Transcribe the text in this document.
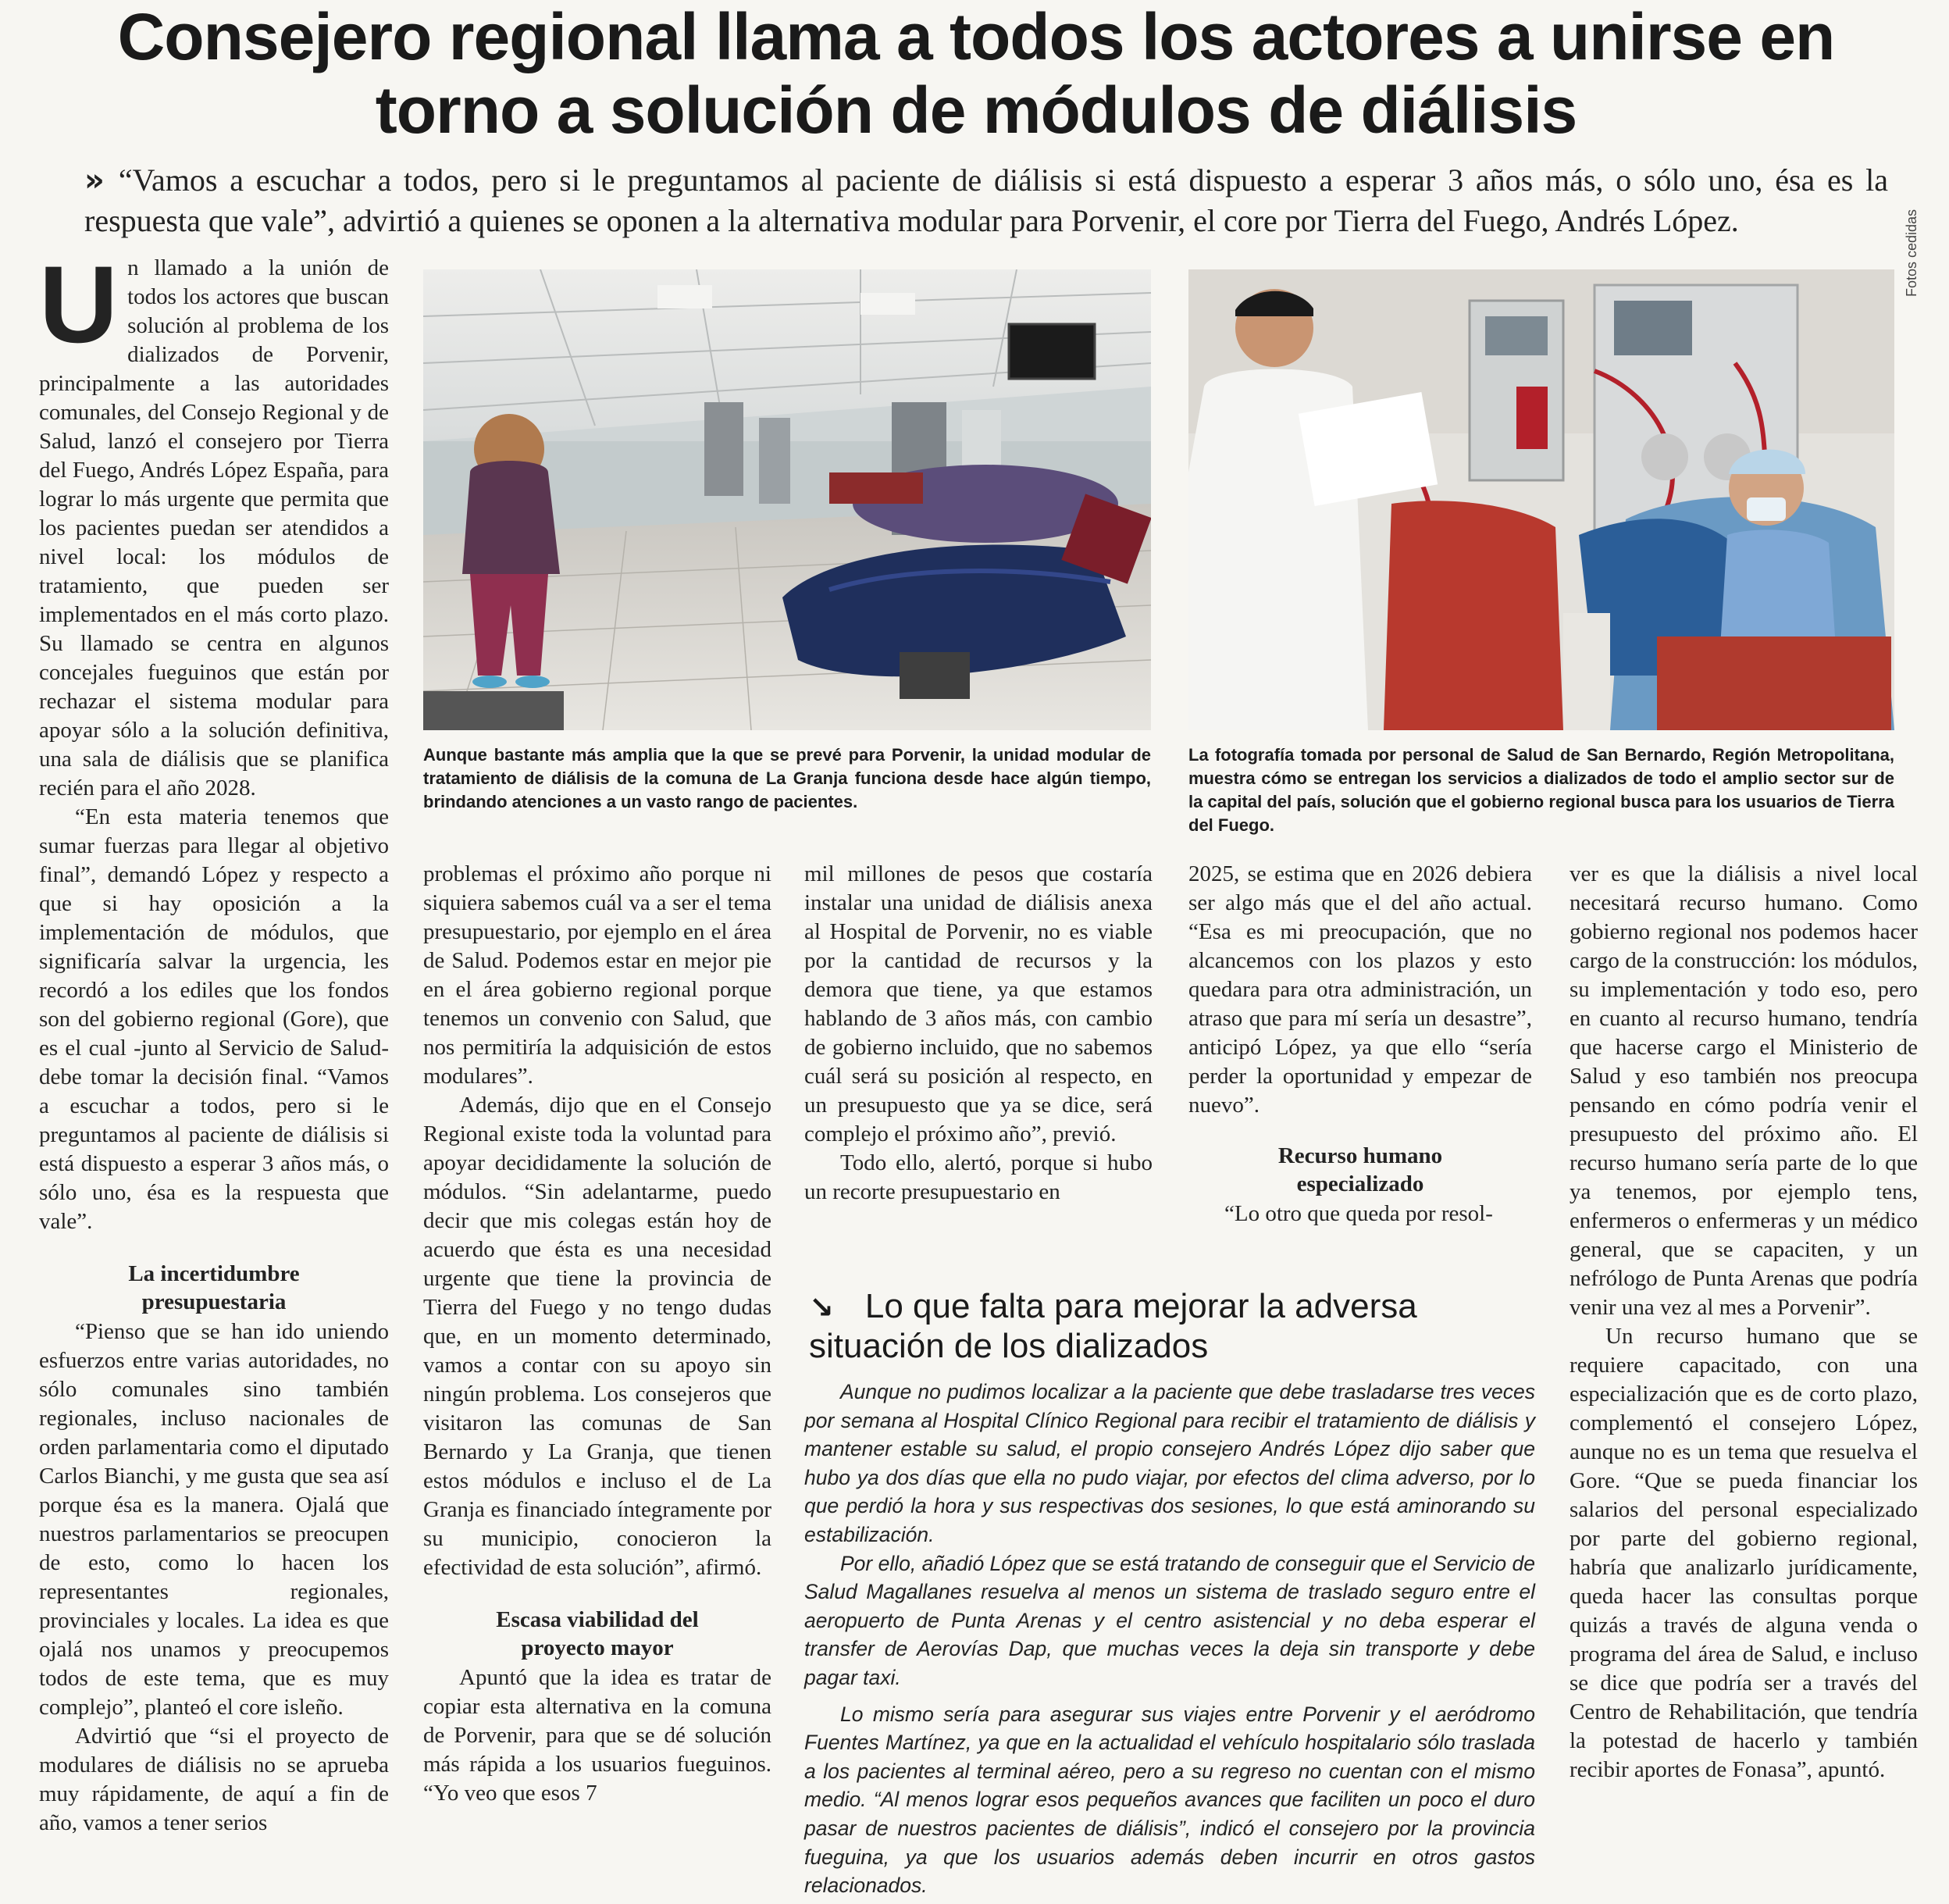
Consejero regional llama a todos los actores a unirse en torno a solución de módulos de diálisis
» “Vamos a escuchar a todos, pero si le preguntamos al paciente de diálisis si está dispuesto a esperar 3 años más, o sólo uno, ésa es la respuesta que vale”, advirtió a quienes se oponen a la alternativa modular para Porvenir, el core por Tierra del Fuego, Andrés López.

Un llamado a la unión de todos los actores que buscan solución al problema de los dializados de Porvenir, principalmente a las autoridades comunales, del Consejo Regional y de Salud, lanzó el consejero por Tierra del Fuego, Andrés López España, para lograr lo más urgente que permita que los pacientes puedan ser atendidos a nivel local: los módulos de tratamiento, que pueden ser implementados en el más corto plazo. Su llamado se centra en algunos concejales fueguinos que están por rechazar el sistema modular para apoyar sólo a la solución definitiva, una sala de diálisis que se planifica recién para el año 2028.

“En esta materia tenemos que sumar fuerzas para llegar al objetivo final”, demandó López y respecto a que si hay oposición a la implementación de módulos, que significaría salvar la urgencia, les recordó a los ediles que los fondos son del gobierno regional (Gore), que es el cual -junto al Servicio de Salud- debe tomar la decisión final. “Vamos a escuchar a todos, pero si le preguntamos al paciente de diálisis si está dispuesto a esperar 3 años más, o sólo uno, ésa es la respuesta que vale”.

La incertidumbre presupuestaria

“Pienso que se han ido uniendo esfuerzos entre varias autoridades, no sólo comunales sino también regionales, incluso nacionales de orden parlamentaria como el diputado Carlos Bianchi, y me gusta que sea así porque ésa es la manera. Ojalá que nuestros parlamentarios se preocupen de esto, como lo hacen los representantes regionales, provinciales y locales. La idea es que ojalá nos unamos y preocupemos todos de este tema, que es muy complejo”, planteó el core isleño.

Advirtió que “si el proyecto de modulares de diálisis no se aprueba muy rápidamente, de aquí a fin de año, vamos a tener serios

Aunque bastante más amplia que la que se prevé para Porvenir, la unidad modular de tratamiento de diálisis de la comuna de La Granja funciona desde hace algún tiempo, brindando atenciones a un vasto rango de pacientes.
La fotografía tomada por personal de Salud de San Bernardo, Región Metropolitana, muestra cómo se entregan los servicios a dializados de todo el amplio sector sur de la capital del país, solución que el gobierno regional busca para los usuarios de Tierra del Fuego.
Fotos cedidas

problemas el próximo año porque ni siquiera sabemos cuál va a ser el tema presupuestario, por ejemplo en el área de Salud. Podemos estar en mejor pie en el área gobierno regional porque tenemos un convenio con Salud, que nos permitiría la adquisición de estos modulares”.

Además, dijo que en el Consejo Regional existe toda la voluntad para apoyar decididamente la solución de módulos. “Sin adelantarme, puedo decir que mis colegas están hoy de acuerdo que ésta es una necesidad urgente que tiene la provincia de Tierra del Fuego y no tengo dudas que, en un momento determinado, vamos a contar con su apoyo sin ningún problema. Los consejeros que visitaron las comunas de San Bernardo y La Granja, que tienen estos módulos e incluso el de La Granja es financiado íntegramente por su municipio, conocieron la efectividad de esta solución”, afirmó.

Escasa viabilidad del proyecto mayor

Apuntó que la idea es tratar de copiar esta alternativa en la comuna de Porvenir, para que se dé solución más rápida a los usuarios fueguinos. “Yo veo que esos 7

mil millones de pesos que costaría instalar una unidad de diálisis anexa al Hospital de Porvenir, no es viable por la cantidad de recursos y la demora que tiene, ya que estamos hablando de 3 años más, con cambio de gobierno incluido, que no sabemos cuál será su posición al respecto, en un presupuesto que ya se dice, será complejo el próximo año”, previó.

Todo ello, alertó, porque si hubo un recorte presupuestario en

2025, se estima que en 2026 debiera ser algo más que el del año actual. “Esa es mi preocupación, que no alcancemos con los plazos y esto quedara para otra administración, un atraso que para mí sería un desastre”, anticipó López, ya que ello “sería perder la oportunidad y empezar de nuevo”.

Recurso humano especializado

“Lo otro que queda por resol-

ver es que la diálisis a nivel local necesitará recurso humano. Como gobierno regional nos podemos hacer cargo de la construcción: los módulos, su implementación y todo eso, pero en cuanto al recurso humano, tendría que hacerse cargo el Ministerio de Salud y eso también nos preocupa pensando en cómo podría venir el presupuesto del próximo año. El recurso humano sería parte de lo que ya tenemos, por ejemplo tens, enfermeros o enfermeras y un médico general, que se capaciten, y un nefrólogo de Punta Arenas que podría venir una vez al mes a Porvenir”.

Un recurso humano que se requiere capacitado, con una especialización que es de corto plazo, complementó el consejero López, aunque no es un tema que resuelva el Gore. “Que se pueda financiar los salarios del personal especializado por parte del gobierno regional, habría que analizarlo jurídicamente, queda hacer las consultas porque quizás a través de alguna venda o programa del área de Salud, e incluso se dice que podría ser a través del Centro de Rehabilitación, que tendría la potestad de hacerlo y también recibir aportes de Fonasa”, apuntó.

↘ Lo que falta para mejorar la adversa situación de los dializados

Aunque no pudimos localizar a la paciente que debe trasladarse tres veces por semana al Hospital Clínico Regional para recibir el tratamiento de diálisis y mantener estable su salud, el propio consejero Andrés López dijo saber que hubo ya dos días que ella no pudo viajar, por efectos del clima adverso, por lo que perdió la hora y sus respectivas dos sesiones, lo que está aminorando su estabilización.

Por ello, añadió López que se está tratando de conseguir que el Servicio de Salud Magallanes resuelva al menos un sistema de traslado seguro entre el aeropuerto de Punta Arenas y el centro asistencial y no deba esperar el transfer de Aerovías Dap, que muchas veces la deja sin transporte y debe pagar taxi.

Lo mismo sería para asegurar sus viajes entre Porvenir y el aeródromo Fuentes Martínez, ya que en la actualidad el vehículo hospitalario sólo traslada a los pacientes al terminal aéreo, pero a su regreso no cuentan con el mismo medio. “Al menos lograr esos pequeños avances que faciliten un poco el duro pasar de nuestros pacientes de diálisis”, indicó el consejero por la provincia fueguina, ya que los usuarios además deben incurrir en otros gastos relacionados.
